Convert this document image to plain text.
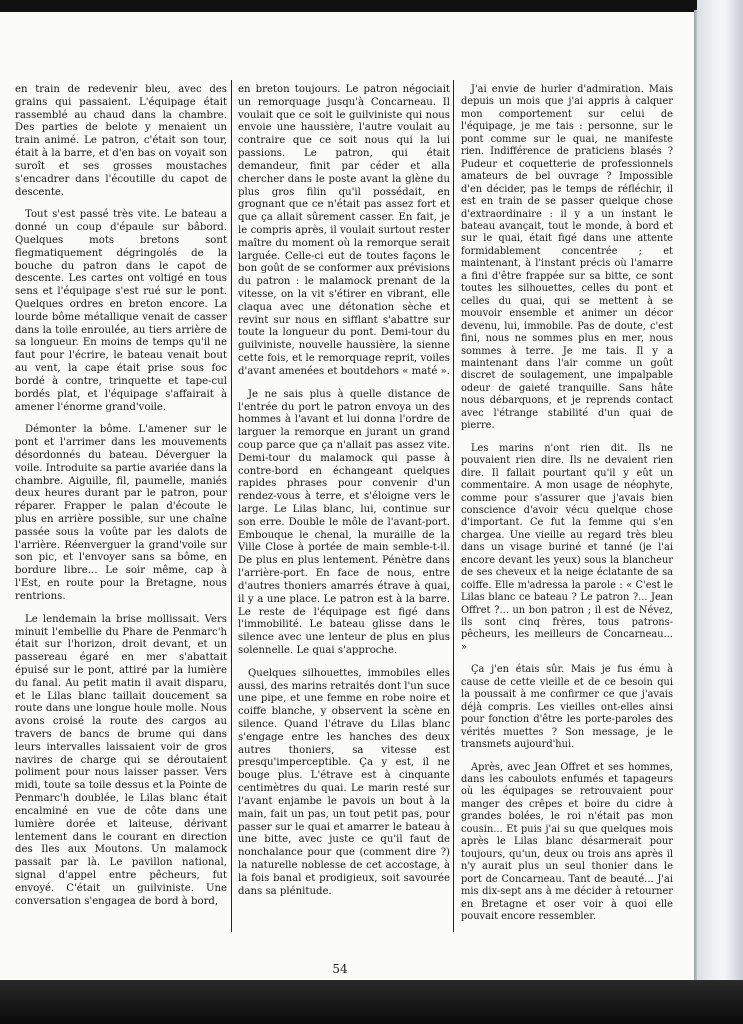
en train de redevenir bleu, avec des grains qui passaient. L'équipage était rassemblé au chaud dans la chambre. Des parties de belote y menaient un train animé. Le patron, c'était son tour, était à la barre, et d'en bas on voyait son suroît et ses grosses moustaches s'encadrer dans l'écoutille du capot de descente.

Tout s'est passé très vite. Le bateau a donné un coup d'épaule sur bâbord. Quelques mots bretons sont flegmatiquement dégringolés de la bouche du patron dans le capot de descente. Les cartes ont voltigé en tous sens et l'équipage s'est rué sur le pont. Quelques ordres en breton encore. La lourde bôme métallique venait de casser dans la toile enroulée, au tiers arrière de sa longueur. En moins de temps qu'il ne faut pour l'écrire, le bateau venait bout au vent, la cape était prise sous foc bordé à contre, trinquette et tape-cul bordés plat, et l'équipage s'affairait à amener l'énorme grand'voile.

Démonter la bôme. L'amener sur le pont et l'arrimer dans les mouvements désordonnés du bateau. Déverguer la voile. Introduite sa partie avariée dans la chambre. Aiguille, fil, paumelle, maniés deux heures durant par le patron, pour réparer. Frapper le palan d'écoute le plus en arrière possible, sur une chaîne passée sous la voûte par les dalots de l'arrière. Réenverguer la grand'voile sur son pic, et l'envoyer sans sa bôme, en bordure libre... Le soir même, cap à l'Est, en route pour la Bretagne, nous rentrions.

Le lendemain la brise mollissait. Vers minuit l'embellie du Phare de Penmarc'h était sur l'horizon, droit devant, et un passereau égaré en mer s'abattait épuisé sur le pont, attiré par la lumière du fanal. Au petit matin il avait disparu, et le Lilas blanc taillait doucement sa route dans une longue houle molle. Nous avons croisé la route des cargos au travers de bancs de brume qui dans leurs intervalles laissaient voir de gros navires de charge qui se déroutaient poliment pour nous laisser passer. Vers midi, toute sa toile dessus et la Pointe de Penmarc'h doublée, le Lilas blanc était encalminé en vue de côte dans une lumière dorée et laiteuse, dérivant lentement dans le courant en direction des Iles aux Moutons. Un malamock passait par là. Le pavillon national, signal d'appel entre pêcheurs, fut envoyé. C'était un guilviniste. Une conversation s'engagea de bord à bord,

en breton toujours. Le patron négociait un remorquage jusqu'à Concarneau. Il voulait que ce soit le guilviniste qui nous envoie une haussière, l'autre voulait au contraire que ce soit nous qui la lui passions. Le patron, qui était demandeur, finit par céder et alla chercher dans le poste avant la glène du plus gros filin qu'il possédait, en grognant que ce n'était pas assez fort et que ça allait sûrement casser. En fait, je le compris après, il voulait surtout rester maître du moment où la remorque serait larguée. Celle-ci eut de toutes façons le bon goût de se conformer aux prévisions du patron : le malamock prenant de la vitesse, on la vit s'étirer en vibrant, elle claqua avec une détonation sèche et revint sur nous en sifflant s'abattre sur toute la longueur du pont. Demi-tour du guilviniste, nouvelle haussière, la sienne cette fois, et le remorquage reprit, voiles d'avant amenées et boutdehors « maté ».

Je ne sais plus à quelle distance de l'entrée du port le patron envoya un des hommes à l'avant et lui donna l'ordre de larguer la remorque en jurant un grand coup parce que ça n'allait pas assez vite. Demi-tour du malamock qui passe à contre-bord en échangeant quelques rapides phrases pour convenir d'un rendez-vous à terre, et s'éloigne vers le large. Le Lilas blanc, lui, continue sur son erre. Double le môle de l'avant-port. Embouque le chenal, la muraille de la Ville Close à portée de main semble-t-il. De plus en plus lentement. Pénètre dans l'arrière-port. En face de nous, entre d'autres thoniers amarrés étrave à quai, il y a une place. Le patron est à la barre. Le reste de l'équipage est figé dans l'immobilité. Le bateau glisse dans le silence avec une lenteur de plus en plus solennelle. Le quai s'approche.

Quelques silhouettes, immobiles elles aussi, des marins retraités dont l'un suce une pipe, et une femme en robe noire et coiffe blanche, y observent la scène en silence. Quand l'étrave du Lilas blanc s'engage entre les hanches des deux autres thoniers, sa vitesse est presqu'imperceptible. Ça y est, il ne bouge plus. L'étrave est à cinquante centimètres du quai. Le marin resté sur l'avant enjambe le pavois un bout à la main, fait un pas, un tout petit pas, pour passer sur le quai et amarrer le bateau à une bitte, avec juste ce qu'il faut de nonchalance pour que (comment dire ?) la naturelle noblesse de cet accostage, à la fois banal et prodigieux, soit savourée dans sa plénitude.

J'ai envie de hurler d'admiration. Mais depuis un mois que j'ai appris à calquer mon comportement sur celui de l'équipage, je me tais : personne, sur le pont comme sur le quai, ne manifeste rien. Indifférence de praticiens blasés ? Pudeur et coquetterie de professionnels amateurs de bel ouvrage ? Impossible d'en décider, pas le temps de réfléchir, il est en train de se passer quelque chose d'extraordinaire : il y a un instant le bateau avançait, tout le monde, à bord et sur le quai, était figé dans une attente formidablement concentrée ; et maintenant, à l'instant précis où l'amarre a fini d'être frappée sur sa bitte, ce sont toutes les silhouettes, celles du pont et celles du quai, qui se mettent à se mouvoir ensemble et animer un décor devenu, lui, immobile. Pas de doute, c'est fini, nous ne sommes plus en mer, nous sommes à terre. Je me tais. Il y a maintenant dans l'air comme un goût discret de soulagement, une impalpable odeur de gaieté tranquille. Sans hâte nous débarquons, et je reprends contact avec l'étrange stabilité d'un quai de pierre.

Les marins n'ont rien dit. Ils ne pouvaient rien dire. Ils ne devaient rien dire. Il fallait pourtant qu'il y eût un commentaire. A mon usage de néophyte, comme pour s'assurer que j'avais bien conscience d'avoir vécu quelque chose d'important. Ce fut la femme qui s'en chargea. Une vieille au regard très bleu dans un visage buriné et tanné (je l'ai encore devant les yeux) sous la blancheur de ses cheveux et la neige éclatante de sa coiffe. Elle m'adressa la parole : « C'est le Lilas blanc ce bateau ? Le patron ?... Jean Offret ?... un bon patron ; il est de Névez, ils sont cinq frères, tous patrons-pêcheurs, les meilleurs de Concarneau... »

Ça j'en étais sûr. Mais je fus ému à cause de cette vieille et de ce besoin qui la poussait à me confirmer ce que j'avais déjà compris. Les vieilles ont-elles ainsi pour fonction d'être les porte-paroles des vérités muettes ? Son message, je le transmets aujourd'hui.

Après, avec Jean Offret et ses hommes, dans les caboulots enfumés et tapageurs où les équipages se retrouvaient pour manger des crêpes et boire du cidre à grandes bolées, le roi n'était pas mon cousin... Et puis j'ai su que quelques mois après le Lilas blanc désarmerait pour toujours, qu'un, deux ou trois ans après il n'y aurait plus un seul thonier dans le port de Concarneau. Tant de beauté... J'ai mis dix-sept ans à me décider à retourner en Bretagne et oser voir à quoi elle pouvait encore ressembler.

54
